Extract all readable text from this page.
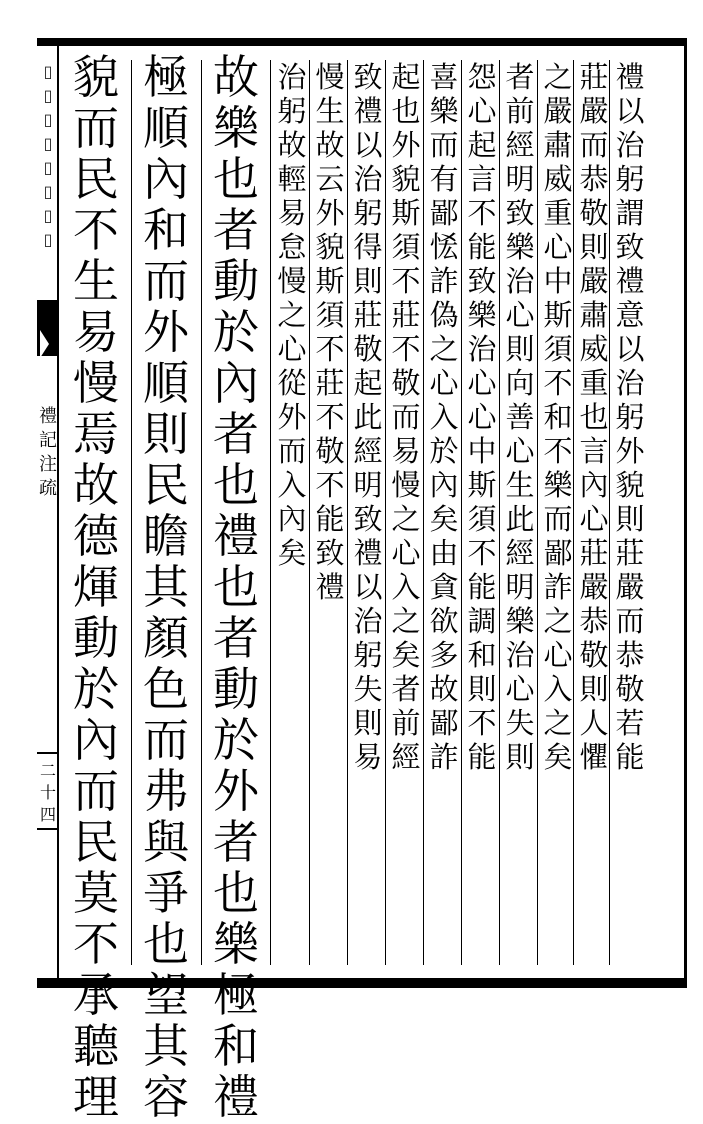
▯
▯
▯
▯
▯
▯
▯
▯
禮
記
注
疏
二
十
四
禮
以
治
躬
謂
致
禮
意
以
治
躬
外
貌
則
莊
嚴
而
恭
敬
若
能
莊
嚴
而
恭
敬
則
嚴
肅
威
重
也
言
內
心
莊
嚴
恭
敬
則
人
懼
之
嚴
肅
威
重
心
中
斯
須
不
和
不
樂
而
鄙
詐
之
心
入
之
矣
者
前
經
明
致
樂
治
心
則
向
善
心
生
此
經
明
樂
治
心
失
則
怨
心
起
言
不
能
致
樂
治
心
心
中
斯
須
不
能
調
和
則
不
能
喜
樂
而
有
鄙
恡
詐
偽
之
心
入
於
內
矣
由
貪
欲
多
故
鄙
詐
起
也
外
貌
斯
須
不
莊
不
敬
而
易
慢
之
心
入
之
矣
者
前
經
致
禮
以
治
躬
得
則
莊
敬
起
此
經
明
致
禮
以
治
躬
失
則
易
慢
生
故
云
外
貌
斯
須
不
莊
不
敬
不
能
致
禮
治
躬
故
輕
易
怠
慢
之
心
從
外
而
入
內
矣
故
樂
也
者
動
於
內
者
也
禮
也
者
動
於
外
者
也
樂
極
和
禮
極
順
內
和
而
外
順
則
民
瞻
其
顏
色
而
弗
與
爭
也
望
其
容
貌
而
民
不
生
易
慢
焉
故
德
煇
動
於
內
而
民
莫
不
承
聽
理
